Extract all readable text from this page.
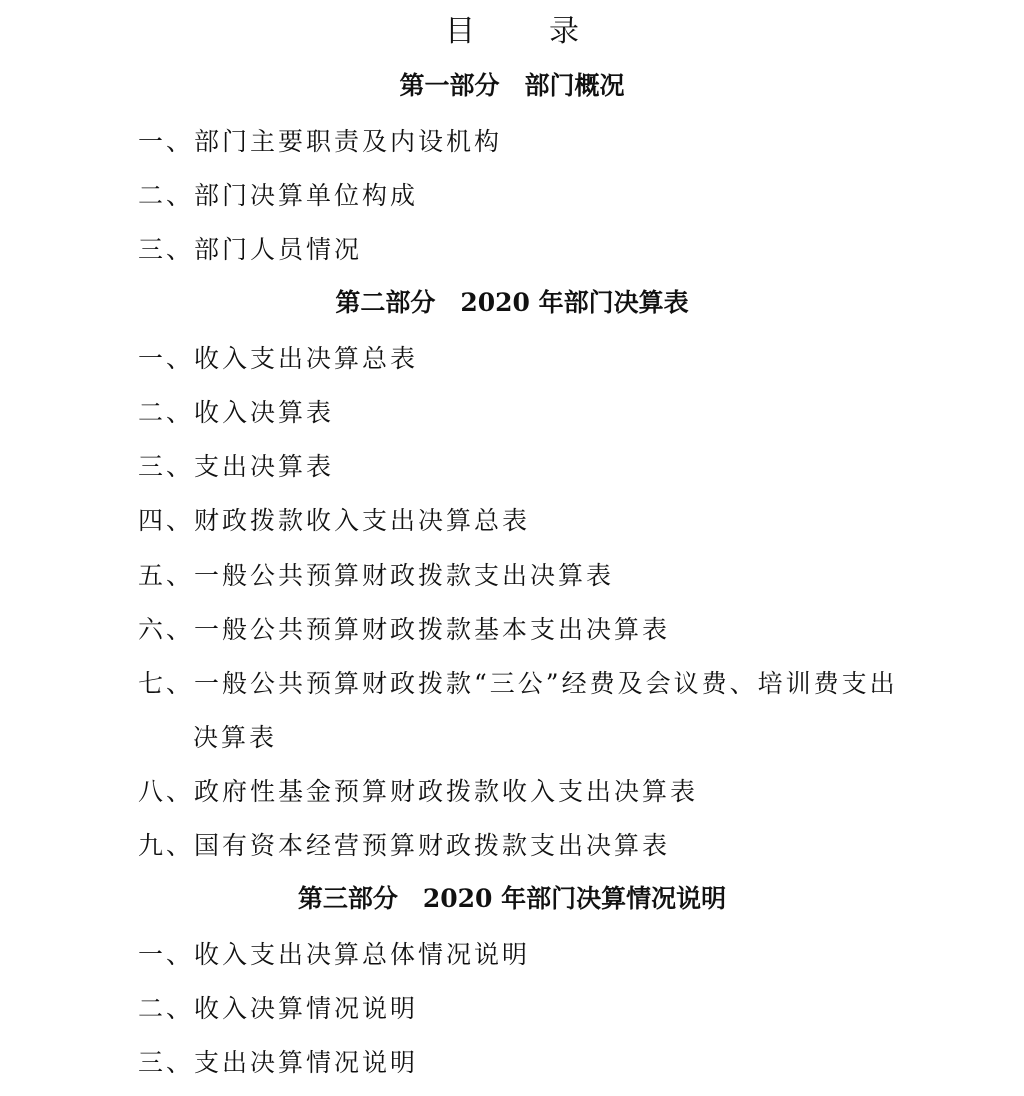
目　录
第一部分　部门概况
一、部门主要职责及内设机构
二、部门决算单位构成
三、部门人员情况
第二部分　2020 年部门决算表
一、收入支出决算总表
二、收入决算表
三、支出决算表
四、财政拨款收入支出决算总表
五、一般公共预算财政拨款支出决算表
六、一般公共预算财政拨款基本支出决算表
七、一般公共预算财政拨款“三公”经费及会议费、培训费支出
决算表
八、政府性基金预算财政拨款收入支出决算表
九、国有资本经营预算财政拨款支出决算表
第三部分　2020 年部门决算情况说明
一、收入支出决算总体情况说明
二、收入决算情况说明
三、支出决算情况说明
